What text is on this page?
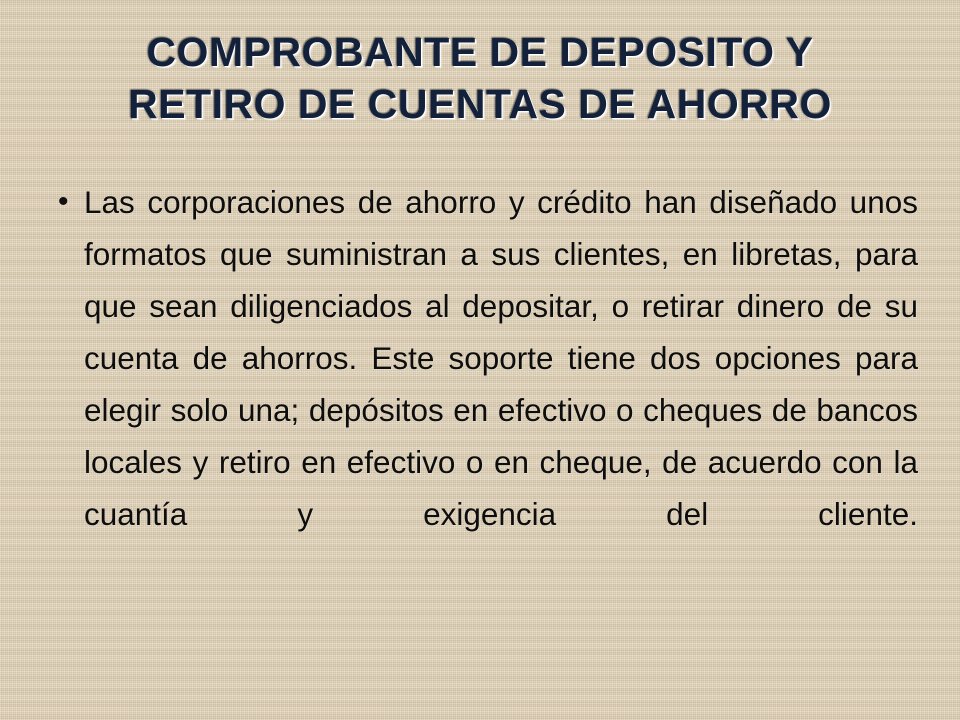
COMPROBANTE DE DEPOSITO Y
RETIRO DE CUENTAS DE AHORRO
• Las corporaciones de ahorro y crédito han diseñado unos formatos que suministran a sus clientes, en libretas, para que sean diligenciados al depositar, o retirar dinero de su cuenta de ahorros. Este soporte tiene dos opciones para elegir solo una; depósitos en efectivo o cheques de bancos locales y retiro en efectivo o en cheque, de acuerdo con la cuantía y exigencia del cliente.
